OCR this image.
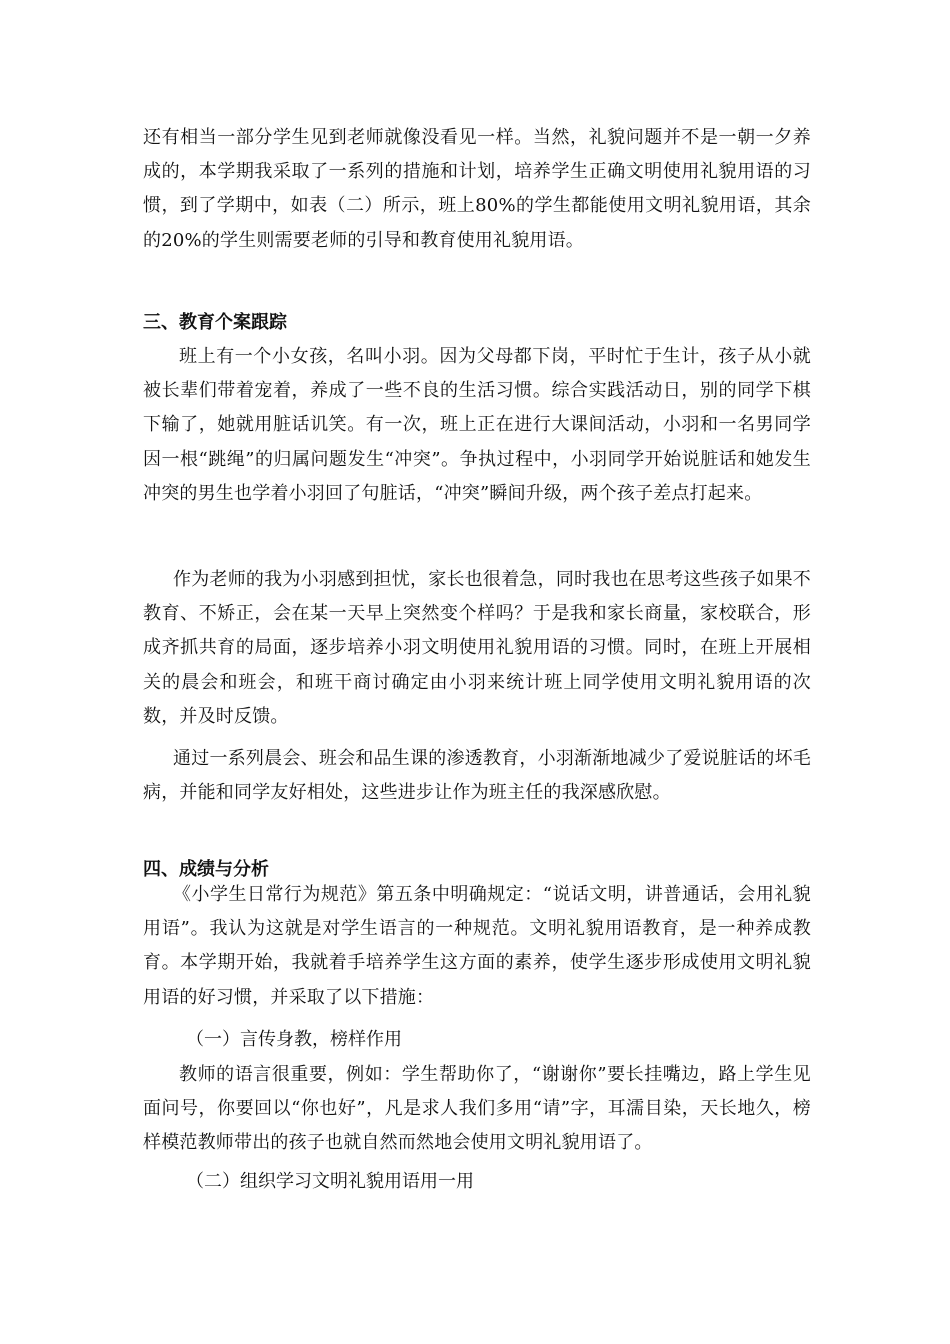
还有相当一部分学生见到老师就像没看见一样。当然，礼貌问题并不是一朝一夕养成的，本学期我采取了一系列的措施和计划，培养学生正确文明使用礼貌用语的习惯，到了学期中，如表（二）所示，班上80%的学生都能使用文明礼貌用语，其余的20%的学生则需要老师的引导和教育使用礼貌用语。

三、教育个案跟踪

班上有一个小女孩，名叫小羽。因为父母都下岗，平时忙于生计，孩子从小就被长辈们带着宠着，养成了一些不良的生活习惯。综合实践活动日，别的同学下棋下输了，她就用脏话讥笑。有一次，班上正在进行大课间活动，小羽和一名男同学因一根“跳绳”的归属问题发生“冲突”。争执过程中，小羽同学开始说脏话和她发生冲突的男生也学着小羽回了句脏话，“冲突”瞬间升级，两个孩子差点打起来。

作为老师的我为小羽感到担忧，家长也很着急，同时我也在思考这些孩子如果不教育、不矫正，会在某一天早上突然变个样吗？于是我和家长商量，家校联合，形成齐抓共育的局面，逐步培养小羽文明使用礼貌用语的习惯。同时，在班上开展相关的晨会和班会，和班干商讨确定由小羽来统计班上同学使用文明礼貌用语的次数，并及时反馈。

通过一系列晨会、班会和品生课的渗透教育，小羽渐渐地减少了爱说脏话的坏毛病，并能和同学友好相处，这些进步让作为班主任的我深感欣慰。

四、成绩与分析

《小学生日常行为规范》第五条中明确规定：“说话文明，讲普通话，会用礼貌用语”。我认为这就是对学生语言的一种规范。文明礼貌用语教育，是一种养成教育。本学期开始，我就着手培养学生这方面的素养，使学生逐步形成使用文明礼貌用语的好习惯，并采取了以下措施：

（一）言传身教，榜样作用

教师的语言很重要，例如：学生帮助你了，“谢谢你”要长挂嘴边，路上学生见面问号，你要回以“你也好”，凡是求人我们多用“请”字，耳濡目染，天长地久，榜样模范教师带出的孩子也就自然而然地会使用文明礼貌用语了。

（二）组织学习文明礼貌用语用一用
